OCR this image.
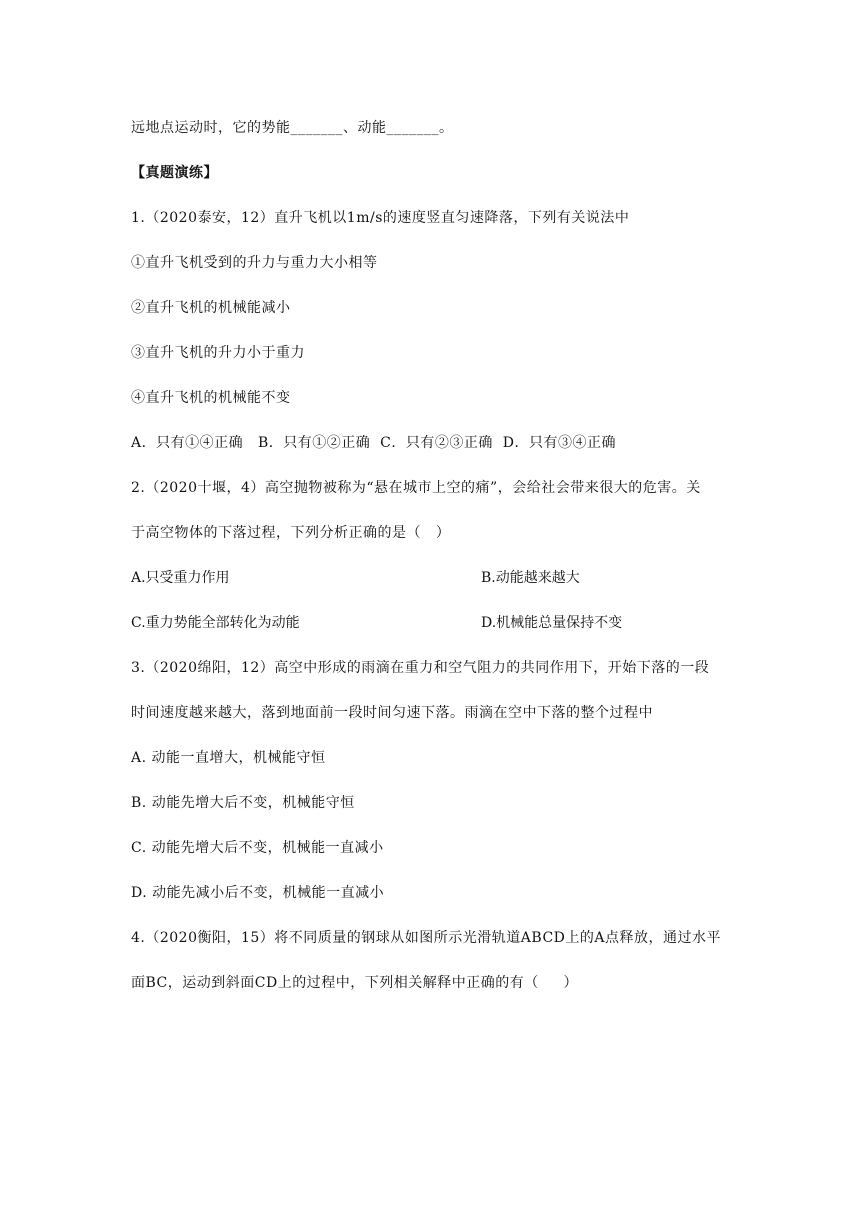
远地点运动时，它的势能_______、动能_______。
【真题演练】
1.（2020泰安，12）直升飞机以1m/s的速度竖直匀速降落，下列有关说法中
①直升飞机受到的升力与重力大小相等
②直升飞机的机械能减小
③直升飞机的升力小于重力
④直升飞机的机械能不变
A．只有①④正确   B．只有①②正确  C．只有②③正确  D．只有③④正确
2.（2020十堰，4）高空抛物被称为“悬在城市上空的痛”，会给社会带来很大的危害。关
于高空物体的下落过程，下列分析正确的是（   ）
A.只受重力作用	B.动能越来越大
C.重力势能全部转化为动能	D.机械能总量保持不变
3.（2020绵阳，12）高空中形成的雨滴在重力和空气阻力的共同作用下，开始下落的一段
时间速度越来越大，落到地面前一段时间匀速下落。雨滴在空中下落的整个过程中
A. 动能一直增大，机械能守恒
B. 动能先增大后不变，机械能守恒
C. 动能先增大后不变，机械能一直减小
D. 动能先减小后不变，机械能一直减小
4.（2020衡阳，15）将不同质量的钢球从如图所示光滑轨道ABCD上的A点释放，通过水平
面BC，运动到斜面CD上的过程中，下列相关解释中正确的有（     ）
